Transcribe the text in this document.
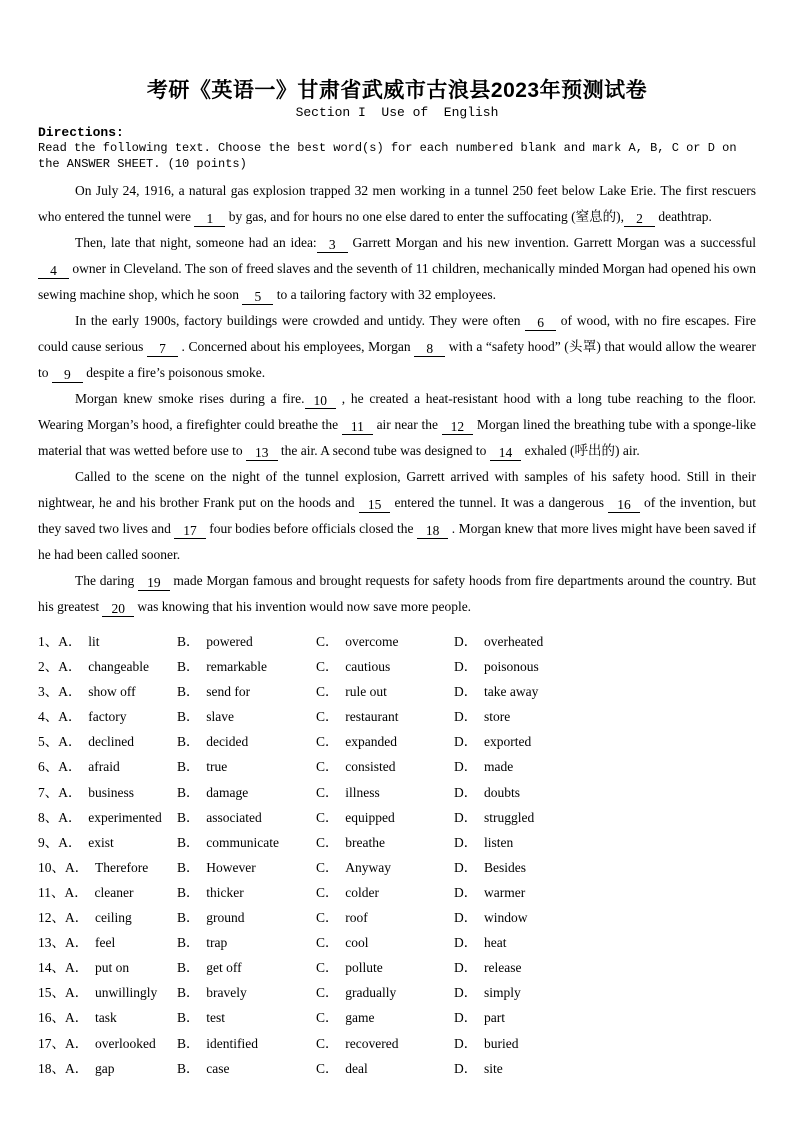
考研《英语一》甘肃省武威市古浪县2023年预测试卷
Section I  Use of  English
Directions:
Read the following text. Choose the best word(s) for each numbered blank and mark A, B, C or D on the ANSWER SHEET. (10 points)

On July 24, 1916, a natural gas explosion trapped 32 men working in a tunnel 250 feet below Lake Erie. The first rescuers who entered the tunnel were 1 by gas, and for hours no one else dared to enter the suffocating (窒息的), 2 deathtrap.

Then, late that night, someone had an idea: 3 Garrett Morgan and his new invention. Garrett Morgan was a successful 4 owner in Cleveland. The son of freed slaves and the seventh of 11 children, mechanically minded Morgan had opened his own sewing machine shop, which he soon 5 to a tailoring factory with 32 employees.

In the early 1900s, factory buildings were crowded and untidy. They were often 6 of wood, with no fire escapes. Fire could cause serious 7 . Concerned about his employees, Morgan 8 with a “safety hood” (头罩) that would allow the wearer to 9 despite a fire’s poisonous smoke.

Morgan knew smoke rises during a fire. 10 , he created a heat-resistant hood with a long tube reaching to the floor. Wearing Morgan’s hood, a firefighter could breathe the 11 air near the 12 Morgan lined the breathing tube with a sponge-like material that was wetted before use to 13 the air. A second tube was designed to 14 exhaled (呼出的) air.

Called to the scene on the night of the tunnel explosion, Garrett arrived with samples of his safety hood. Still in their nightwear, he and his brother Frank put on the hoods and 15 entered the tunnel. It was a dangerous 16 of the invention, but they saved two lives and 17 four bodies before officials closed the 18 . Morgan knew that more lives might have been saved if he had been called sooner.

The daring 19 made Morgan famous and brought requests for safety hoods from fire departments around the country. But his greatest 20 was knowing that his invention would now save more people.

1、A．  lit	B．  powered	C．  overcome	D．  overheated
2、A．  changeable	B．  remarkable	C．  cautious	D．  poisonous
3、A．  show off	B．  send for	C．  rule out	D．  take away
4、A．  factory	B．  slave	C．  restaurant	D．  store
5、A．  declined	B．  decided	C．  expanded	D．  exported
6、A．  afraid	B．  true	C．  consisted	D．  made
7、A．  business	B．  damage	C．  illness	D．  doubts
8、A．  experimented	B．  associated	C．  equipped	D．  struggled
9、A．  exist	B．  communicate	C．  breathe	D．  listen
10、A．  Therefore	B．  However	C．  Anyway	D．  Besides
11、A．  cleaner	B．  thicker	C．  colder	D．  warmer
12、A．  ceiling	B．  ground	C．  roof	D．  window
13、A．  feel	B．  trap	C．  cool	D．  heat
14、A．  put on	B．  get off	C．  pollute	D．  release
15、A．  unwillingly	B．  bravely	C．  gradually	D．  simply
16、A．  task	B．  test	C．  game	D．  part
17、A．  overlooked	B．  identified	C．  recovered	D．  buried
18、A．  gap	B．  case	C．  deal	D．  site
